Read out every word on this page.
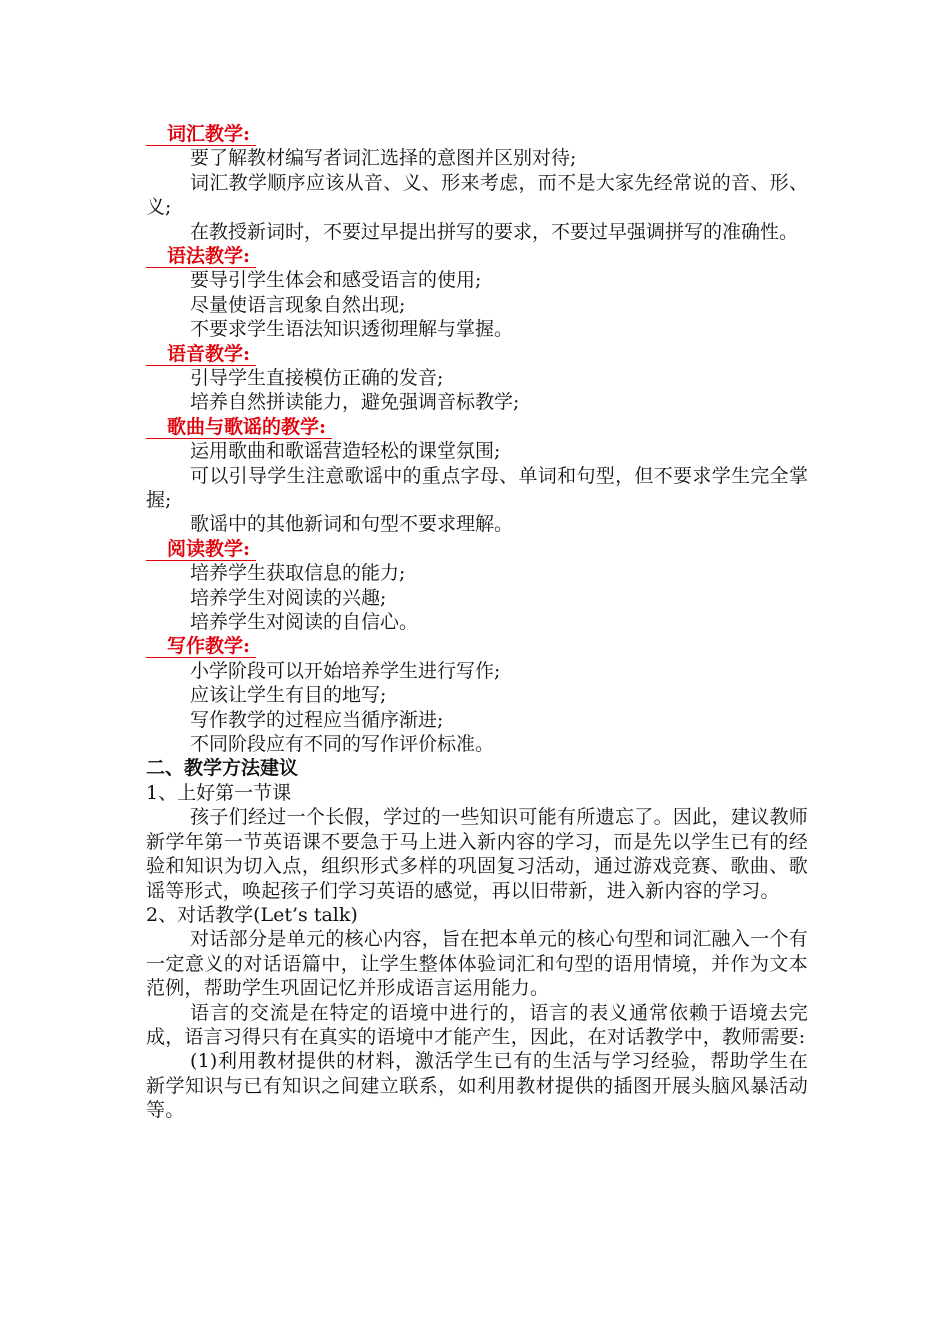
词汇教学:

要了解教材编写者词汇选择的意图并区别对待;

词汇教学顺序应该从音、义、形来考虑，而不是大家先经常说的音、形、义;

在教授新词时，不要过早提出拼写的要求，不要过早强调拼写的准确性。

语法教学:

要导引学生体会和感受语言的使用;

尽量使语言现象自然出现;

不要求学生语法知识透彻理解与掌握。

语音教学:

引导学生直接模仿正确的发音;

培养自然拼读能力，避免强调音标教学;

歌曲与歌谣的教学:

运用歌曲和歌谣营造轻松的课堂氛围;

可以引导学生注意歌谣中的重点字母、单词和句型，但不要求学生完全掌握;

歌谣中的其他新词和句型不要求理解。

阅读教学:

培养学生获取信息的能力;

培养学生对阅读的兴趣;

培养学生对阅读的自信心。

写作教学:

小学阶段可以开始培养学生进行写作;

应该让学生有目的地写;

写作教学的过程应当循序渐进;

不同阶段应有不同的写作评价标准。

二、教学方法建议

1、上好第一节课

孩子们经过一个长假，学过的一些知识可能有所遗忘了。因此，建议教师新学年第一节英语课不要急于马上进入新内容的学习，而是先以学生已有的经验和知识为切入点，组织形式多样的巩固复习活动，通过游戏竞赛、歌曲、歌谣等形式，唤起孩子们学习英语的感觉，再以旧带新，进入新内容的学习。

2、对话教学(Let’s talk)

对话部分是单元的核心内容，旨在把本单元的核心句型和词汇融入一个有一定意义的对话语篇中，让学生整体体验词汇和句型的语用情境，并作为文本范例，帮助学生巩固记忆并形成语言运用能力。

语言的交流是在特定的语境中进行的，语言的表义通常依赖于语境去完成，语言习得只有在真实的语境中才能产生，因此，在对话教学中，教师需要:

(1)利用教材提供的材料，激活学生已有的生活与学习经验，帮助学生在新学知识与已有知识之间建立联系，如利用教材提供的插图开展头脑风暴活动等。
